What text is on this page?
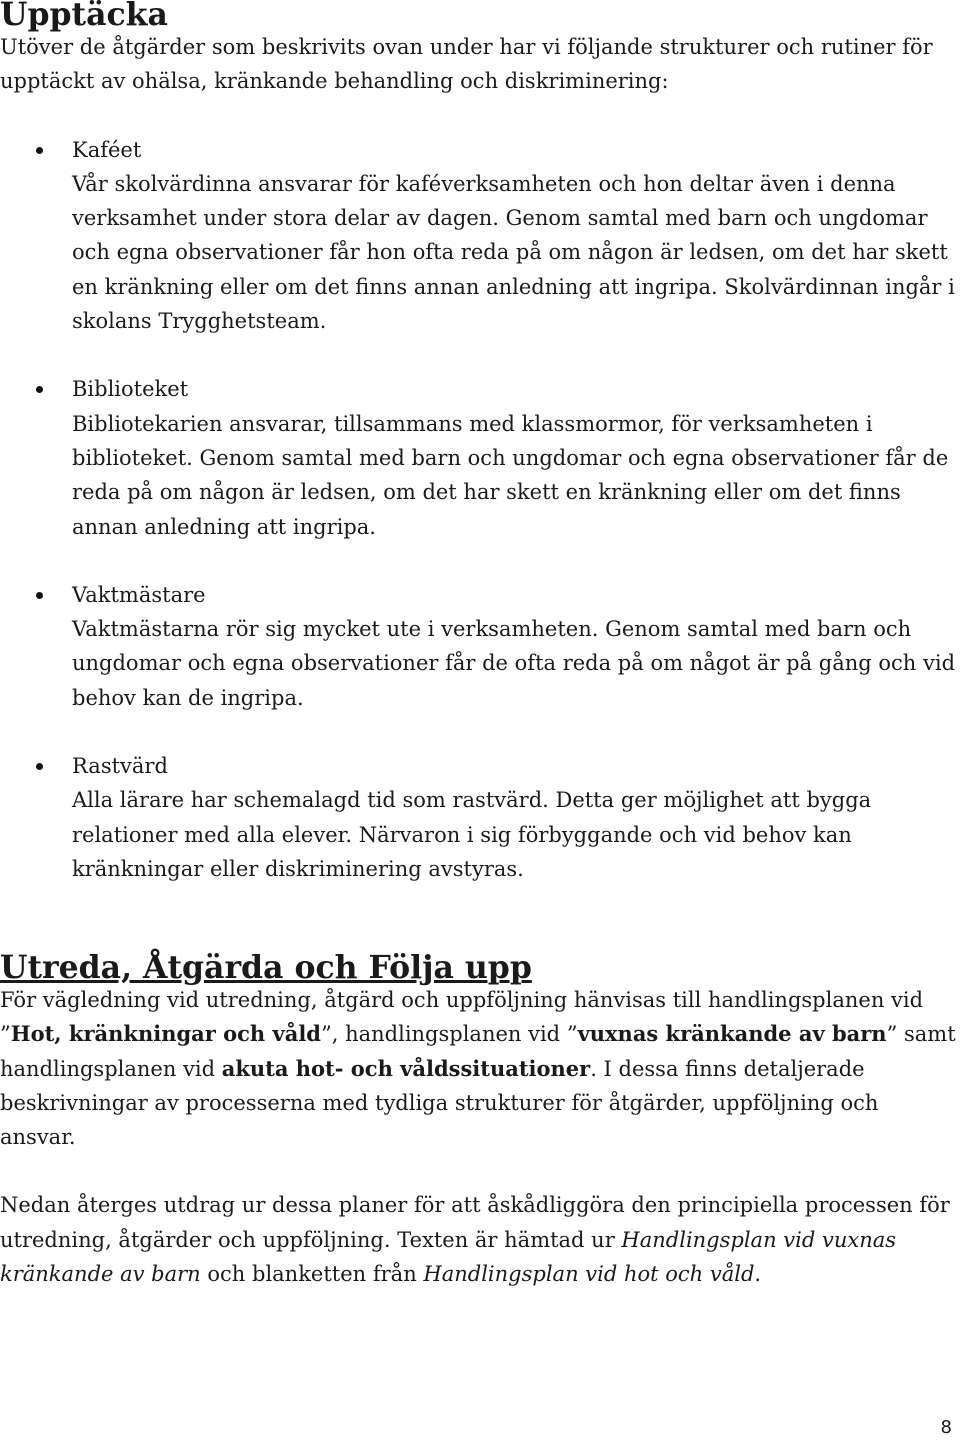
Upptäcka

Utöver de åtgärder som beskrivits ovan under har vi följande strukturer och rutiner för upptäckt av ohälsa, kränkande behandling och diskriminering:

Kaféet
Vår skolvärdinna ansvarar för kaféverksamheten och hon deltar även i denna verksamhet under stora delar av dagen. Genom samtal med barn och ungdomar och egna observationer får hon ofta reda på om någon är ledsen, om det har skett en kränkning eller om det finns annan anledning att ingripa. Skolvärdinnan ingår i skolans Trygghetsteam.
Biblioteket
Bibliotekarien ansvarar, tillsammans med klassmormor, för verksamheten i biblioteket. Genom samtal med barn och ungdomar och egna observationer får de reda på om någon är ledsen, om det har skett en kränkning eller om det finns annan anledning att ingripa.
Vaktmästare
Vaktmästarna rör sig mycket ute i verksamheten. Genom samtal med barn och ungdomar och egna observationer får de ofta reda på om något är på gång och vid behov kan de ingripa.
Rastvärd
Alla lärare har schemalagd tid som rastvärd. Detta ger möjlighet att bygga relationer med alla elever. Närvaron i sig förbyggande och vid behov kan kränkningar eller diskriminering avstyras.
Utreda, Åtgärda och Följa upp

För vägledning vid utredning, åtgärd och uppföljning hänvisas till handlingsplanen vid ”Hot, kränkningar och våld”, handlingsplanen vid ”vuxnas kränkande av barn” samt handlingsplanen vid akuta hot- och våldssituationer. I dessa finns detaljerade beskrivningar av processerna med tydliga strukturer för åtgärder, uppföljning och ansvar.

Nedan återges utdrag ur dessa planer för att åskådliggöra den principiella processen för utredning, åtgärder och uppföljning. Texten är hämtad ur Handlingsplan vid vuxnas kränkande av barn och blanketten från Handlingsplan vid hot och våld.

8
